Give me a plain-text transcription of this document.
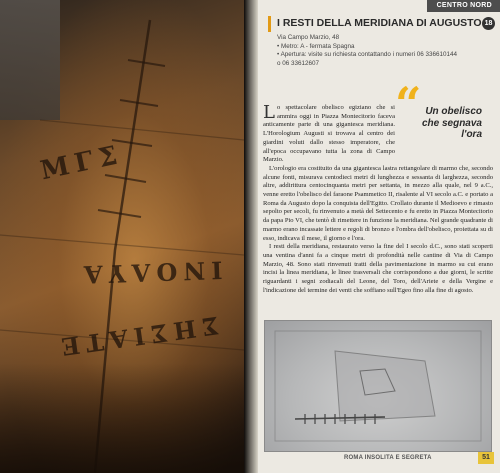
ΜΓΣ
ΙΝΟΛΥΑ
ΣΗΣΙΑΤΕ
CENTRO NORD
I RESTI DELLA MERIDIANA DI AUGUSTO 18
Via Campo Marzio, 48
• Metro: A - fermata Spagna
• Apertura: visite su richiesta contattando i numeri 06 336610144
o 06 33612607
“ Un obelisco che segnava l'ora

Lo spettacolare obelisco egiziano che si ammira oggi in Piazza Montecitorio faceva anticamente parte di una gigantesca meridiana. L'Horologium Augusti si trovava al centro dei giardini voluti dallo stesso imperatore, che all'epoca occupavano tutta la zona di Campo Marzio.

L'orologio era costituito da una gigantesca lastra rettangolare di marmo che, secondo alcune fonti, misurava centodieci metri di lunghezza e sessanta di larghezza, secondo altre, addirittura centocinquanta metri per settanta, in mezzo alla quale, nel 9 a.C., venne eretto l'obelisco del faraone Psammetico II, risalente al VI secolo a.C. e portato a Roma da Augusto dopo la conquista dell'Egitto. Crollato durante il Medioevo e rimasto sepolto per secoli, fu rinvenuto a metà del Settecento e fu eretto in Piazza Montecitorio da papa Pio VI, che tentò di rimettere in funzione la meridiana. Nel grande quadrante di marmo erano incassate lettere e regoli di bronzo e l'ombra dell'obelisco, proiettata su di esso, indicava il mese, il giorno e l'ora.

I resti della meridiana, restaurato verso la fine del I secolo d.C., sono stati scoperti una ventina d'anni fa a cinque metri di profondità nelle cantine di Via di Campo Marzio, 48. Sono stati rinvenuti tratti della pavimentazione in marmo su cui erano incisi la linea meridiana, le linee trasversali che corrispondono a due giorni, le scritte riguardanti i segni zodiacali del Leone, del Toro, dell'Ariete e della Vergine e l'indicazione del termine dei venti che soffiano sull'Egeo fino alla fine di agosto.

ROMA INSOLITA E SEGRETA	51
